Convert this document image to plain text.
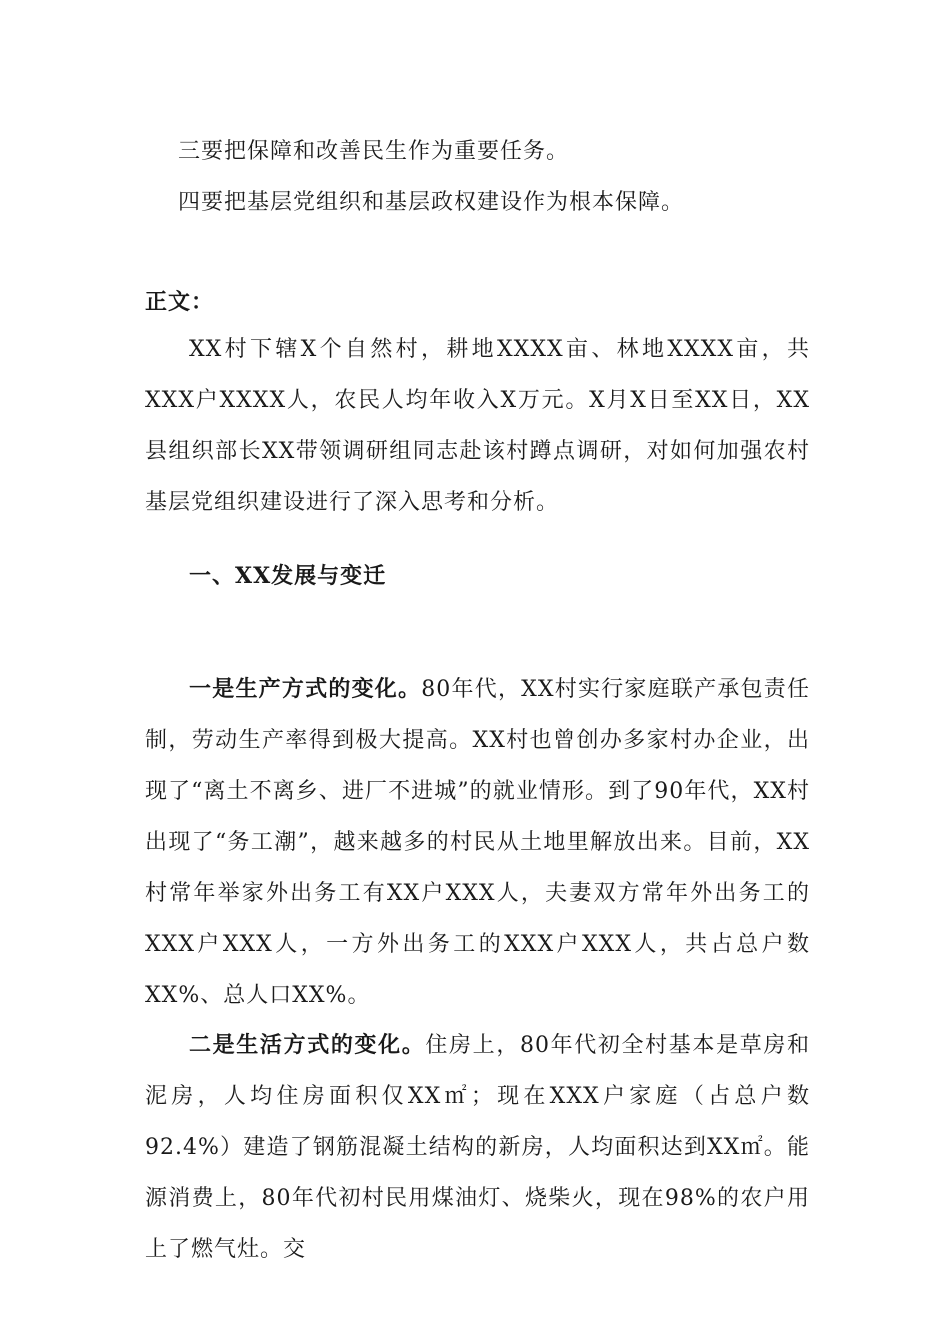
三要把保障和改善民生作为重要任务。
四要把基层党组织和基层政权建设作为根本保障。
正文：
XX村下辖X个自然村，耕地XXXX亩、林地XXXX亩，共XXX户XXXX人，农民人均年收入X万元。X月X日至XX日，XX县组织部长XX带领调研组同志赴该村蹲点调研，对如何加强农村基层党组织建设进行了深入思考和分析。
一、XX发展与变迁
一是生产方式的变化。80年代，XX村实行家庭联产承包责任制，劳动生产率得到极大提高。XX村也曾创办多家村办企业，出现了“离土不离乡、进厂不进城”的就业情形。到了90年代，XX村出现了“务工潮”，越来越多的村民从土地里解放出来。目前，XX村常年举家外出务工有XX户XXX人，夫妻双方常年外出务工的XXX户XXX人，一方外出务工的XXX户XXX人，共占总户数XX%、总人口XX%。
二是生活方式的变化。住房上，80年代初全村基本是草房和泥房，人均住房面积仅XX㎡；现在XXX户家庭（占总户数92.4%）建造了钢筋混凝土结构的新房，人均面积达到XX㎡。能源消费上，80年代初村民用煤油灯、烧柴火，现在98%的农户用上了燃气灶。交
